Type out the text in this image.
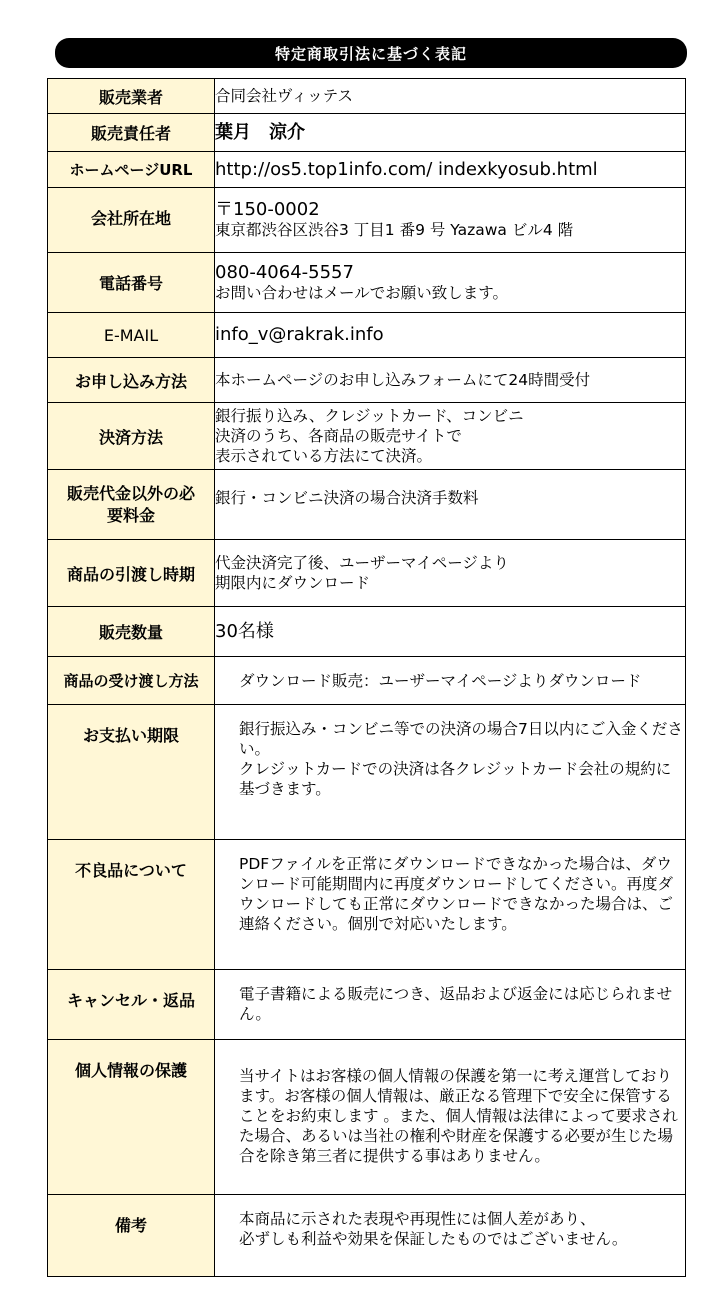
特定商取引法に基づく表記
販売業者	合同会社ヴィッテス

販売責任者	葉月　涼介

ホームページURL	http://os5.top1info.com/ indexkyosub.html

会社所在地	〒150-0002
東京都渋谷区渋谷3 丁目1 番9 号 Yazawa ビル4 階

電話番号	080-4064-5557
お問い合わせはメールでお願い致します。

E-MAIL	info_v@rakrak.info

お申し込み方法	本ホームページのお申し込みフォームにて24時間受付

決済方法	銀行振り込み、クレジットカード、コンビニ
決済のうち、各商品の販売サイトで
表示されている方法にて決済。

販売代金以外の必要料金	銀行・コンビニ決済の場合決済手数料

商品の引渡し時期	代金決済完了後、ユーザーマイページより
期限内にダウンロード

販売数量	30名様

商品の受け渡し方法	ダウンロード販売：ユーザーマイページよりダウンロード

お支払い期限	銀行振込み・コンビニ等での決済の場合7日以内にご入金ください。
クレジットカードでの決済は各クレジットカード会社の規約に基づきます。

不良品について	PDFファイルを正常にダウンロードできなかった場合は、ダウンロード可能期間内に再度ダウンロードしてください。再度ダウンロードしても正常にダウンロードできなかった場合は、ご連絡ください。個別で対応いたします。

キャンセル・返品	電子書籍による販売につき、返品および返金には応じられません。

個人情報の保護	当サイトはお客様の個人情報の保護を第一に考え運営しております。お客様の個人情報は、厳正なる管理下で安全に保管することをお約束します 。また、個人情報は法律によって要求された場合、あるいは当社の権利や財産を保護する必要が生じた場合を除き第三者に提供する事はありません。

備考	本商品に示された表現や再現性には個人差があり、
必ずしも利益や効果を保証したものではございません。
